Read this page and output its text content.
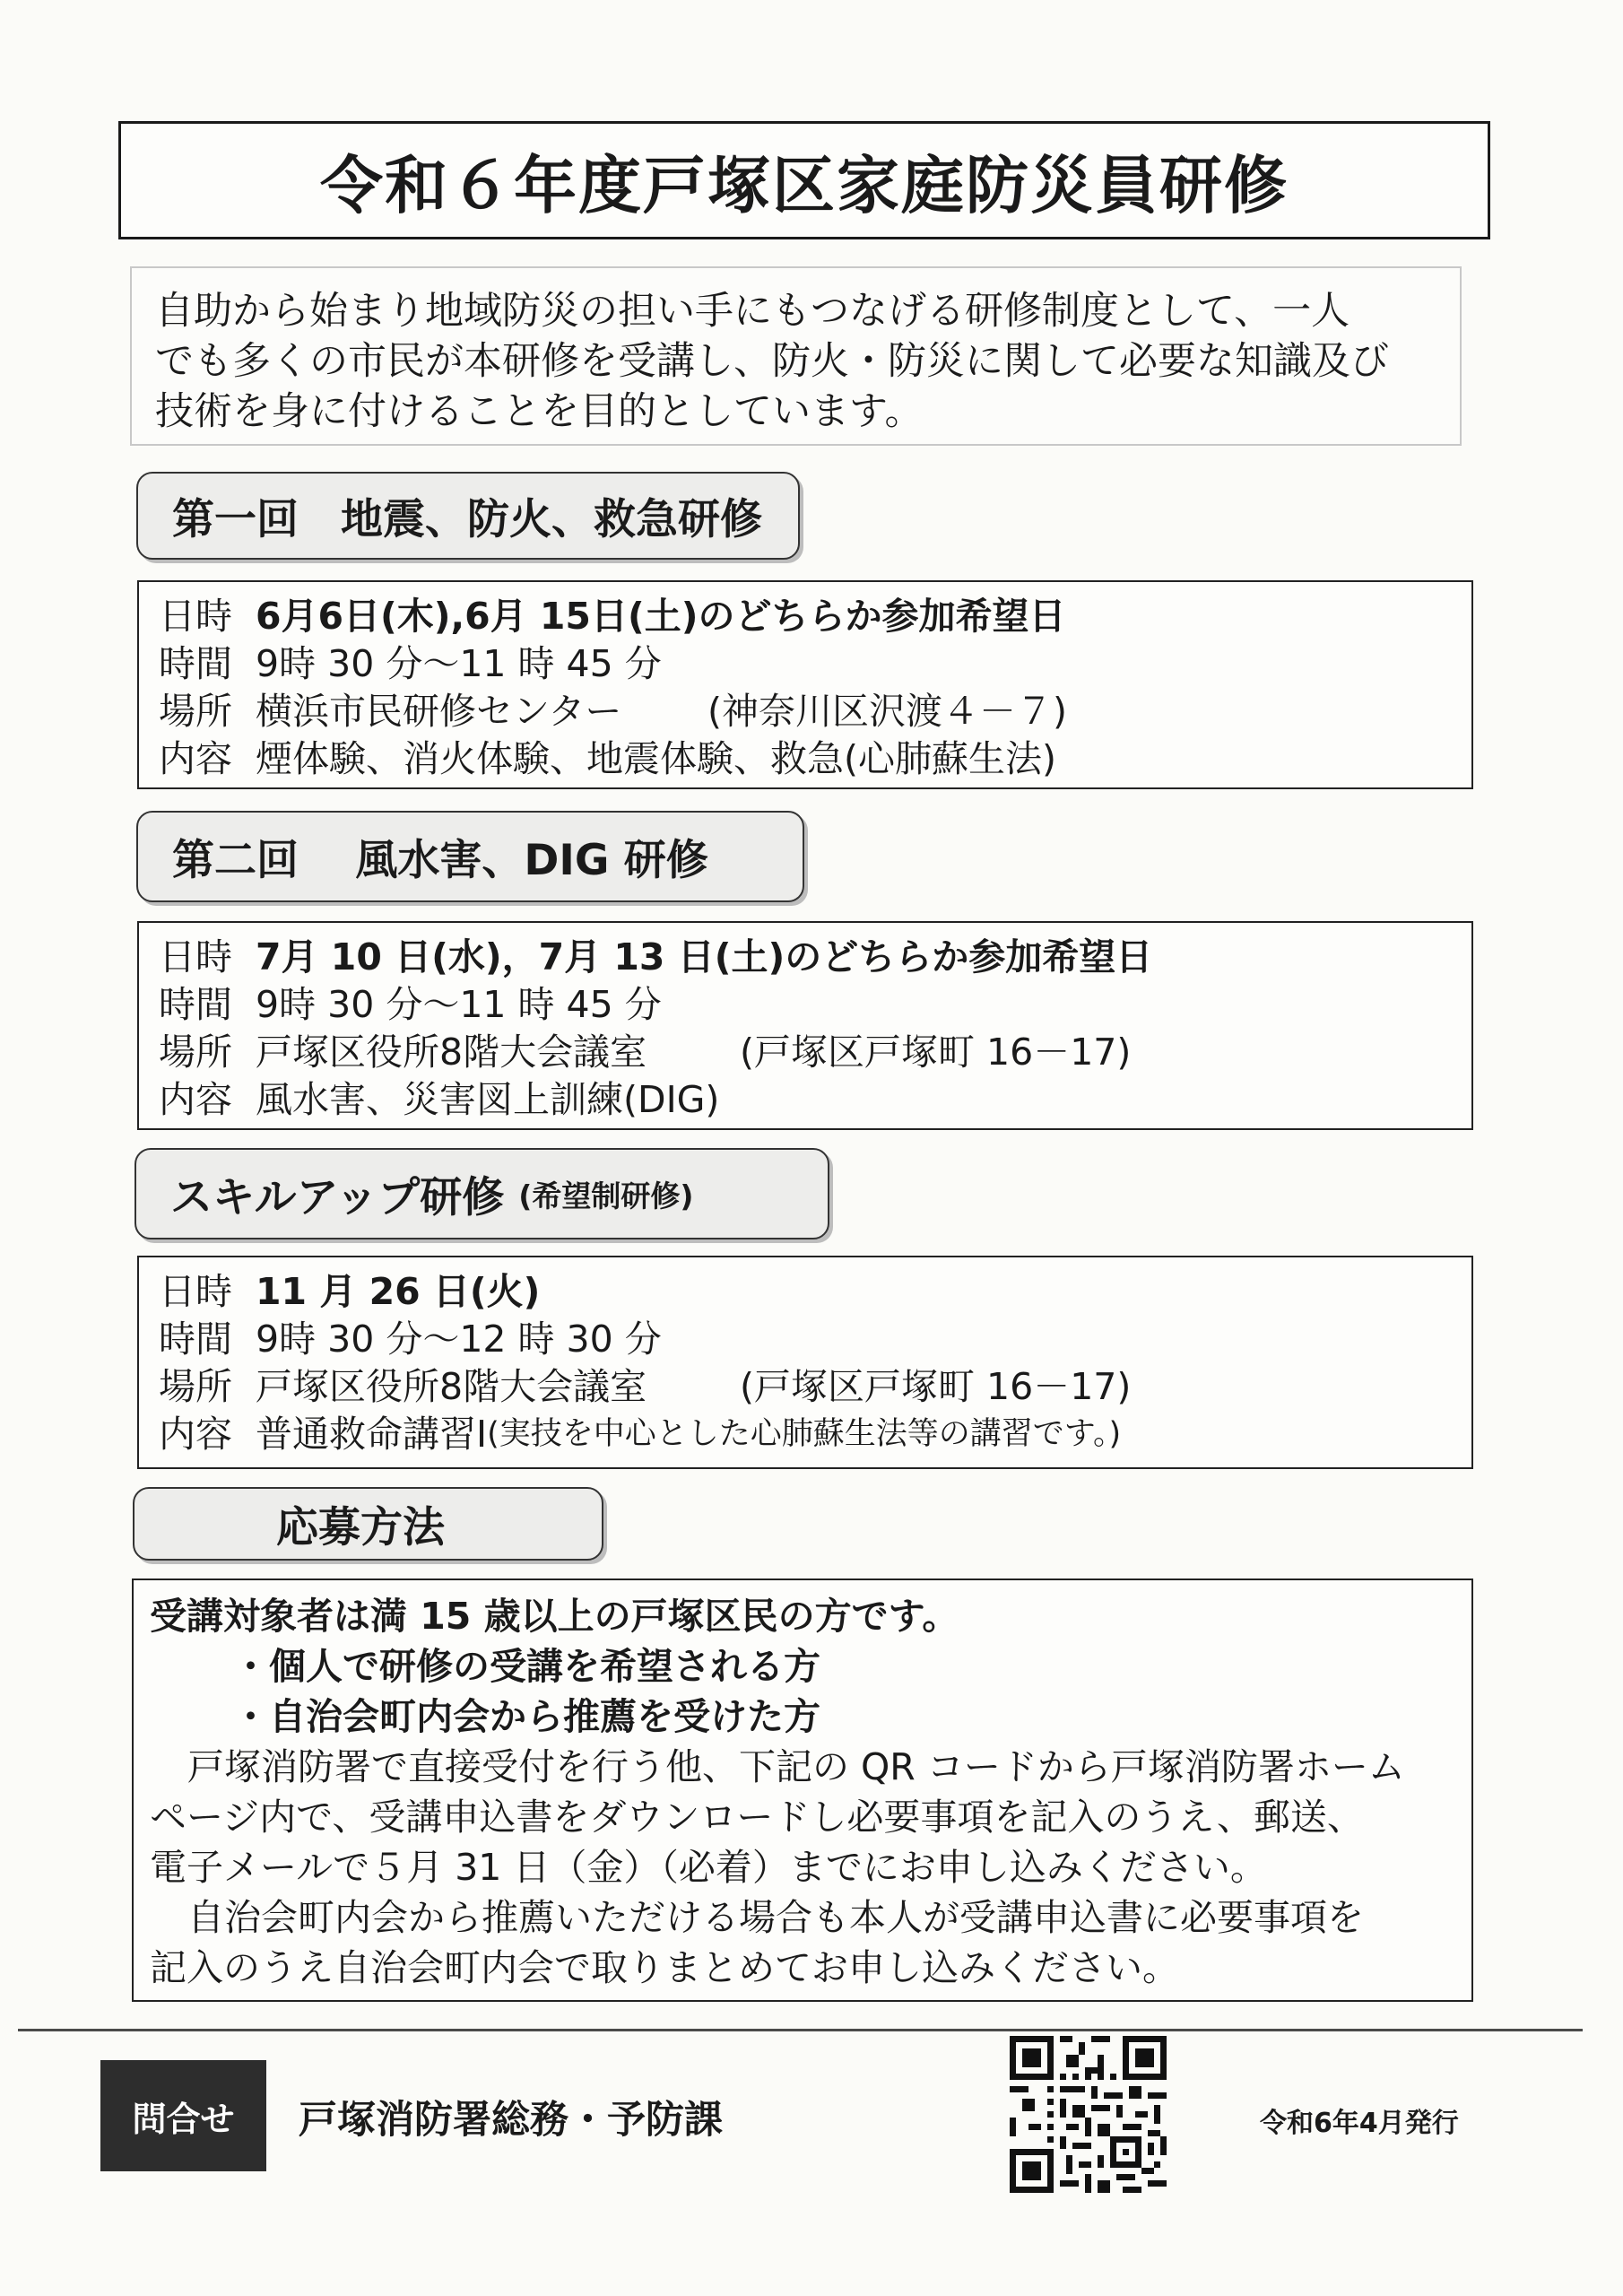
令和６年度戸塚区家庭防災員研修
自助から始まり地域防災の担い手にもつなげる研修制度として、一人
でも多くの市民が本研修を受講し、防火・防災に関して必要な知識及び
技術を身に付けることを目的としています。
第一回　地震、防火、救急研修
日時 6月6日(木),6月 15日(土)のどちらか参加希望日
時間 9時 30 分～11 時 45 分
場所 横浜市民研修センター (神奈川区沢渡４－７)
内容 煙体験、消火体験、地震体験、救急(心肺蘇生法)
第二回　 風水害、DIG 研修
日時 7月 10 日(水)，7月 13 日(土)のどちらか参加希望日
時間 9時 30 分～11 時 45 分
場所 戸塚区役所8階大会議室	(戸塚区戸塚町 16－17)
内容 風水害、災害図上訓練(DIG)
スキルアップ研修 (希望制研修)
日時 11 月 26 日(火)
時間 9時 30 分～12 時 30 分
場所 戸塚区役所8階大会議室	(戸塚区戸塚町 16－17)
内容 普通救命講習Ⅰ (実技を中心とした心肺蘇生法等の講習です。)
応募方法
受講対象者は満 15 歳以上の戸塚区民の方です。
・個人で研修の受講を希望される方
・自治会町内会から推薦を受けた方
戸塚消防署で直接受付を行う他、下記の QR コードから戸塚消防署ホーム
ページ内で、受講申込書をダウンロードし必要事項を記入のうえ、郵送、
電子メールで５月 31 日（金）（必着）までにお申し込みください。
自治会町内会から推薦いただける場合も本人が受講申込書に必要事項を
記入のうえ自治会町内会で取りまとめてお申し込みください。
問合せ 戸塚消防署総務・予防課	令和6年4月発行
